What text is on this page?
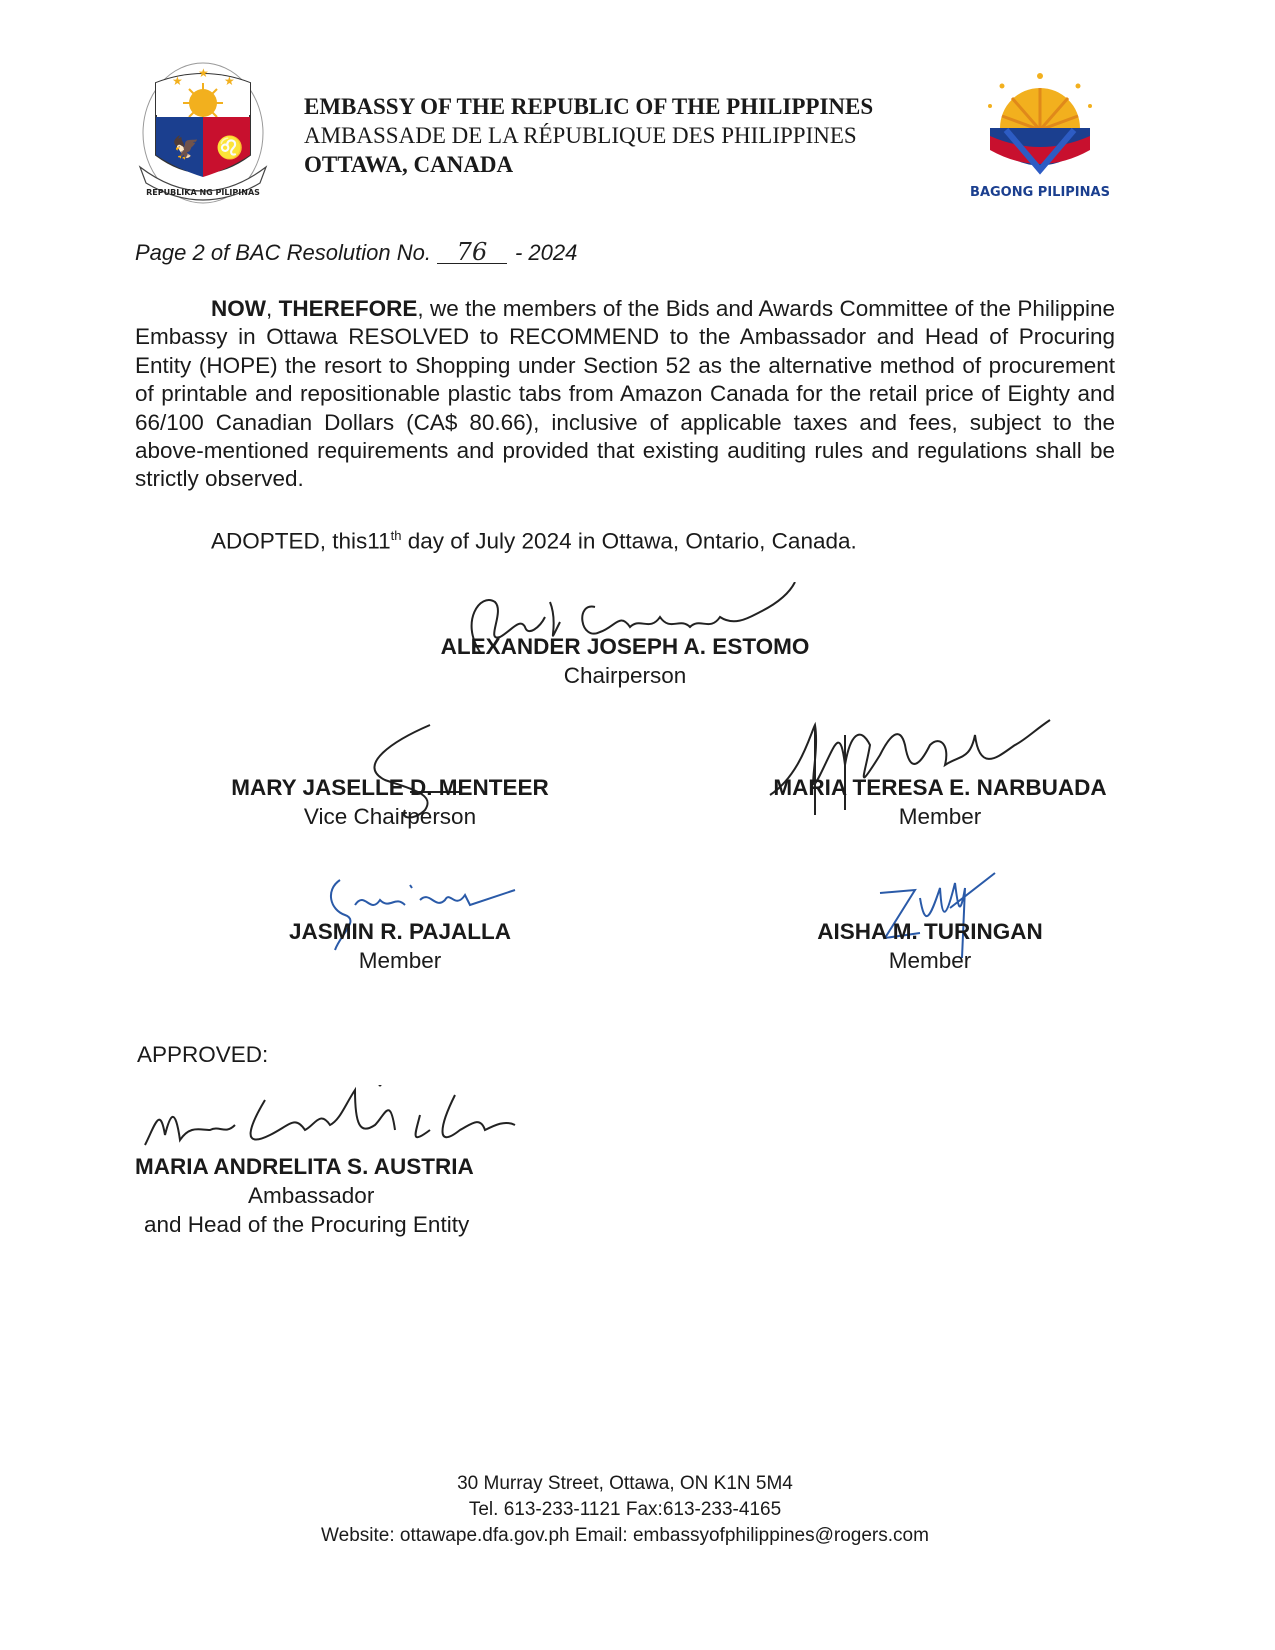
★	★
★
🦅 ♌
REPUBLIKA NG PILIPINAS
EMBASSY OF THE REPUBLIC OF THE PHILIPPINES
AMBASSADE DE LA RÉPUBLIQUE DES PHILIPPINES
OTTAWA, CANADA
BAGONG PILIPINAS
Page 2 of BAC Resolution No. 76 - 2024
NOW, THEREFORE, we the members of the Bids and Awards Committee of the Philippine Embassy in Ottawa RESOLVED to RECOMMEND to the Ambassador and Head of Procuring Entity (HOPE) the resort to Shopping under Section 52 as the alternative method of procurement of printable and repositionable plastic tabs from Amazon Canada for the retail price of Eighty and 66/100 Canadian Dollars (CA$ 80.66), inclusive of applicable taxes and fees, subject to the above-mentioned requirements and provided that existing auditing rules and regulations shall be strictly observed.
ADOPTED, this11th day of July 2024 in Ottawa, Ontario, Canada.
ALEXANDER JOSEPH A. ESTOMO
Chairperson
MARY JASELLE D. MENTEER
Vice Chairperson
MARIA TERESA E. NARBUADA
Member
JASMIN R. PAJALLA
Member
AISHA M. TURINGAN
Member
APPROVED:
MARIA ANDRELITA S. AUSTRIA
Ambassador
and Head of the Procuring Entity
30 Murray Street, Ottawa, ON K1N 5M4
Tel. 613-233-1121 Fax:613-233-4165
Website: ottawape.dfa.gov.ph Email: embassyofphilippines@rogers.com
